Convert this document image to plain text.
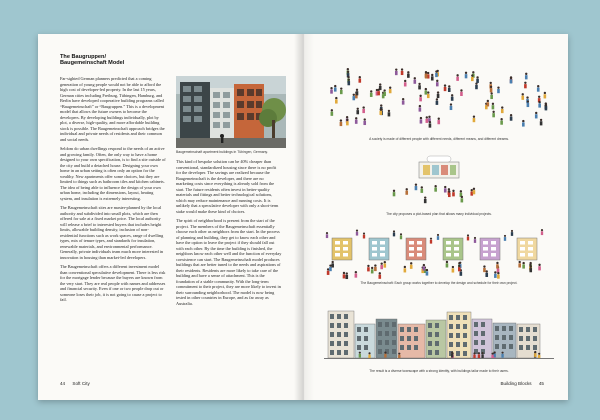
The Baugruppen/
Baugemeinschaft Model

Far-sighted German planners predicted that a coming generation of young people would not be able to afford the high cost of developer-led property. In the last 15 years, German cities including Freiburg, Tübingen, Hamburg, and Berlin have developed cooperative building programs called “Baugemeinschaft” or “Baugruppen.” This is a development model that allows the future owners to become the developers. By developing buildings individually, plot by plot, a diverse, high-quality, and more affordable building stock is possible. The Baugemeinschaft approach bridges the individual and private needs of residents and their common and social needs.

Seldom do urban dwellings respond to the needs of an active and growing family. Often, the only way to have a home designed to your own specification, is to find a site outside of the city and build a detached house. Designing your own home in an urban setting is often only an option for the wealthy. New apartments offer some choices, but they are limited to things such as bathroom tiles and kitchen cabinets. The idea of being able to influence the design of your own urban home, including the dimensions, layout, heating system, and insulation is extremely interesting.

The Baugemeinschaft sites are master-planned by the local authority and subdivided into small plots, which are then offered for sale at a fixed market price. The local authority will release a brief to interested buyers that includes height limits, allowable building density, inclusion of non-residential functions such as work spaces, range of dwelling types, mix of tenure types, and standards for insulation, renewable materials, and environmental performance. Generally, private individuals team much more interested in innovation in housing than market-led developers.

The Baugemeinschaft offers a different investment model than conventional speculative development. There is less risk for the mortgage lender because the buyers are known from the very start. They are real people with names and addresses and financial security. Even if one or two people drop out or someone loses their job, it is not going to cause a project to fail.

Baugemeinschaft apartment buildings in Tübingen, Germany.

This kind of bespoke solution can be 40% cheaper than conventional, standardized housing since there is no profit for the developer. The savings are realized because the Baugemeinschaft is the developer, and there are no marketing costs since everything is already sold from the start. The future residents often invest in better-quality materials and fittings and better technological solutions, which may reduce maintenance and running costs. It is unlikely that a speculative developer with only a short-term stake would make these kind of choices.

The spirit of neighborhood is present from the start of the project. The members of the Baugemeinschaft essentially choose each other as neighbors from the start. In the process of planning and building, they get to know each other and have the option to leave the project if they should fall out with each other. By the time the building is finished, the neighbors know each other well and the function of everyday coexistence can start. The Baugemeinschaft model produces buildings that are better tuned to the needs and aspirations of their residents. Residents are more likely to take care of the building and have a sense of attachment. This is the foundation of a stable community. With the long-term commitment to their project, they are more likely to invest in their surrounding neighborhood. The model is now being tested in other countries in Europe, and as far away as Australia.

44 Soft City
A society is made of different people with different needs, different means, and different dreams.
The city proposes a plot-based plan that allows many individual projects.
The Baugemeinschaft: Each group works together to develop the design and schedule for their own project.
The result is a diverse townscape with a strong identity, with buildings tailor made to their users.
Building Blocks 45
